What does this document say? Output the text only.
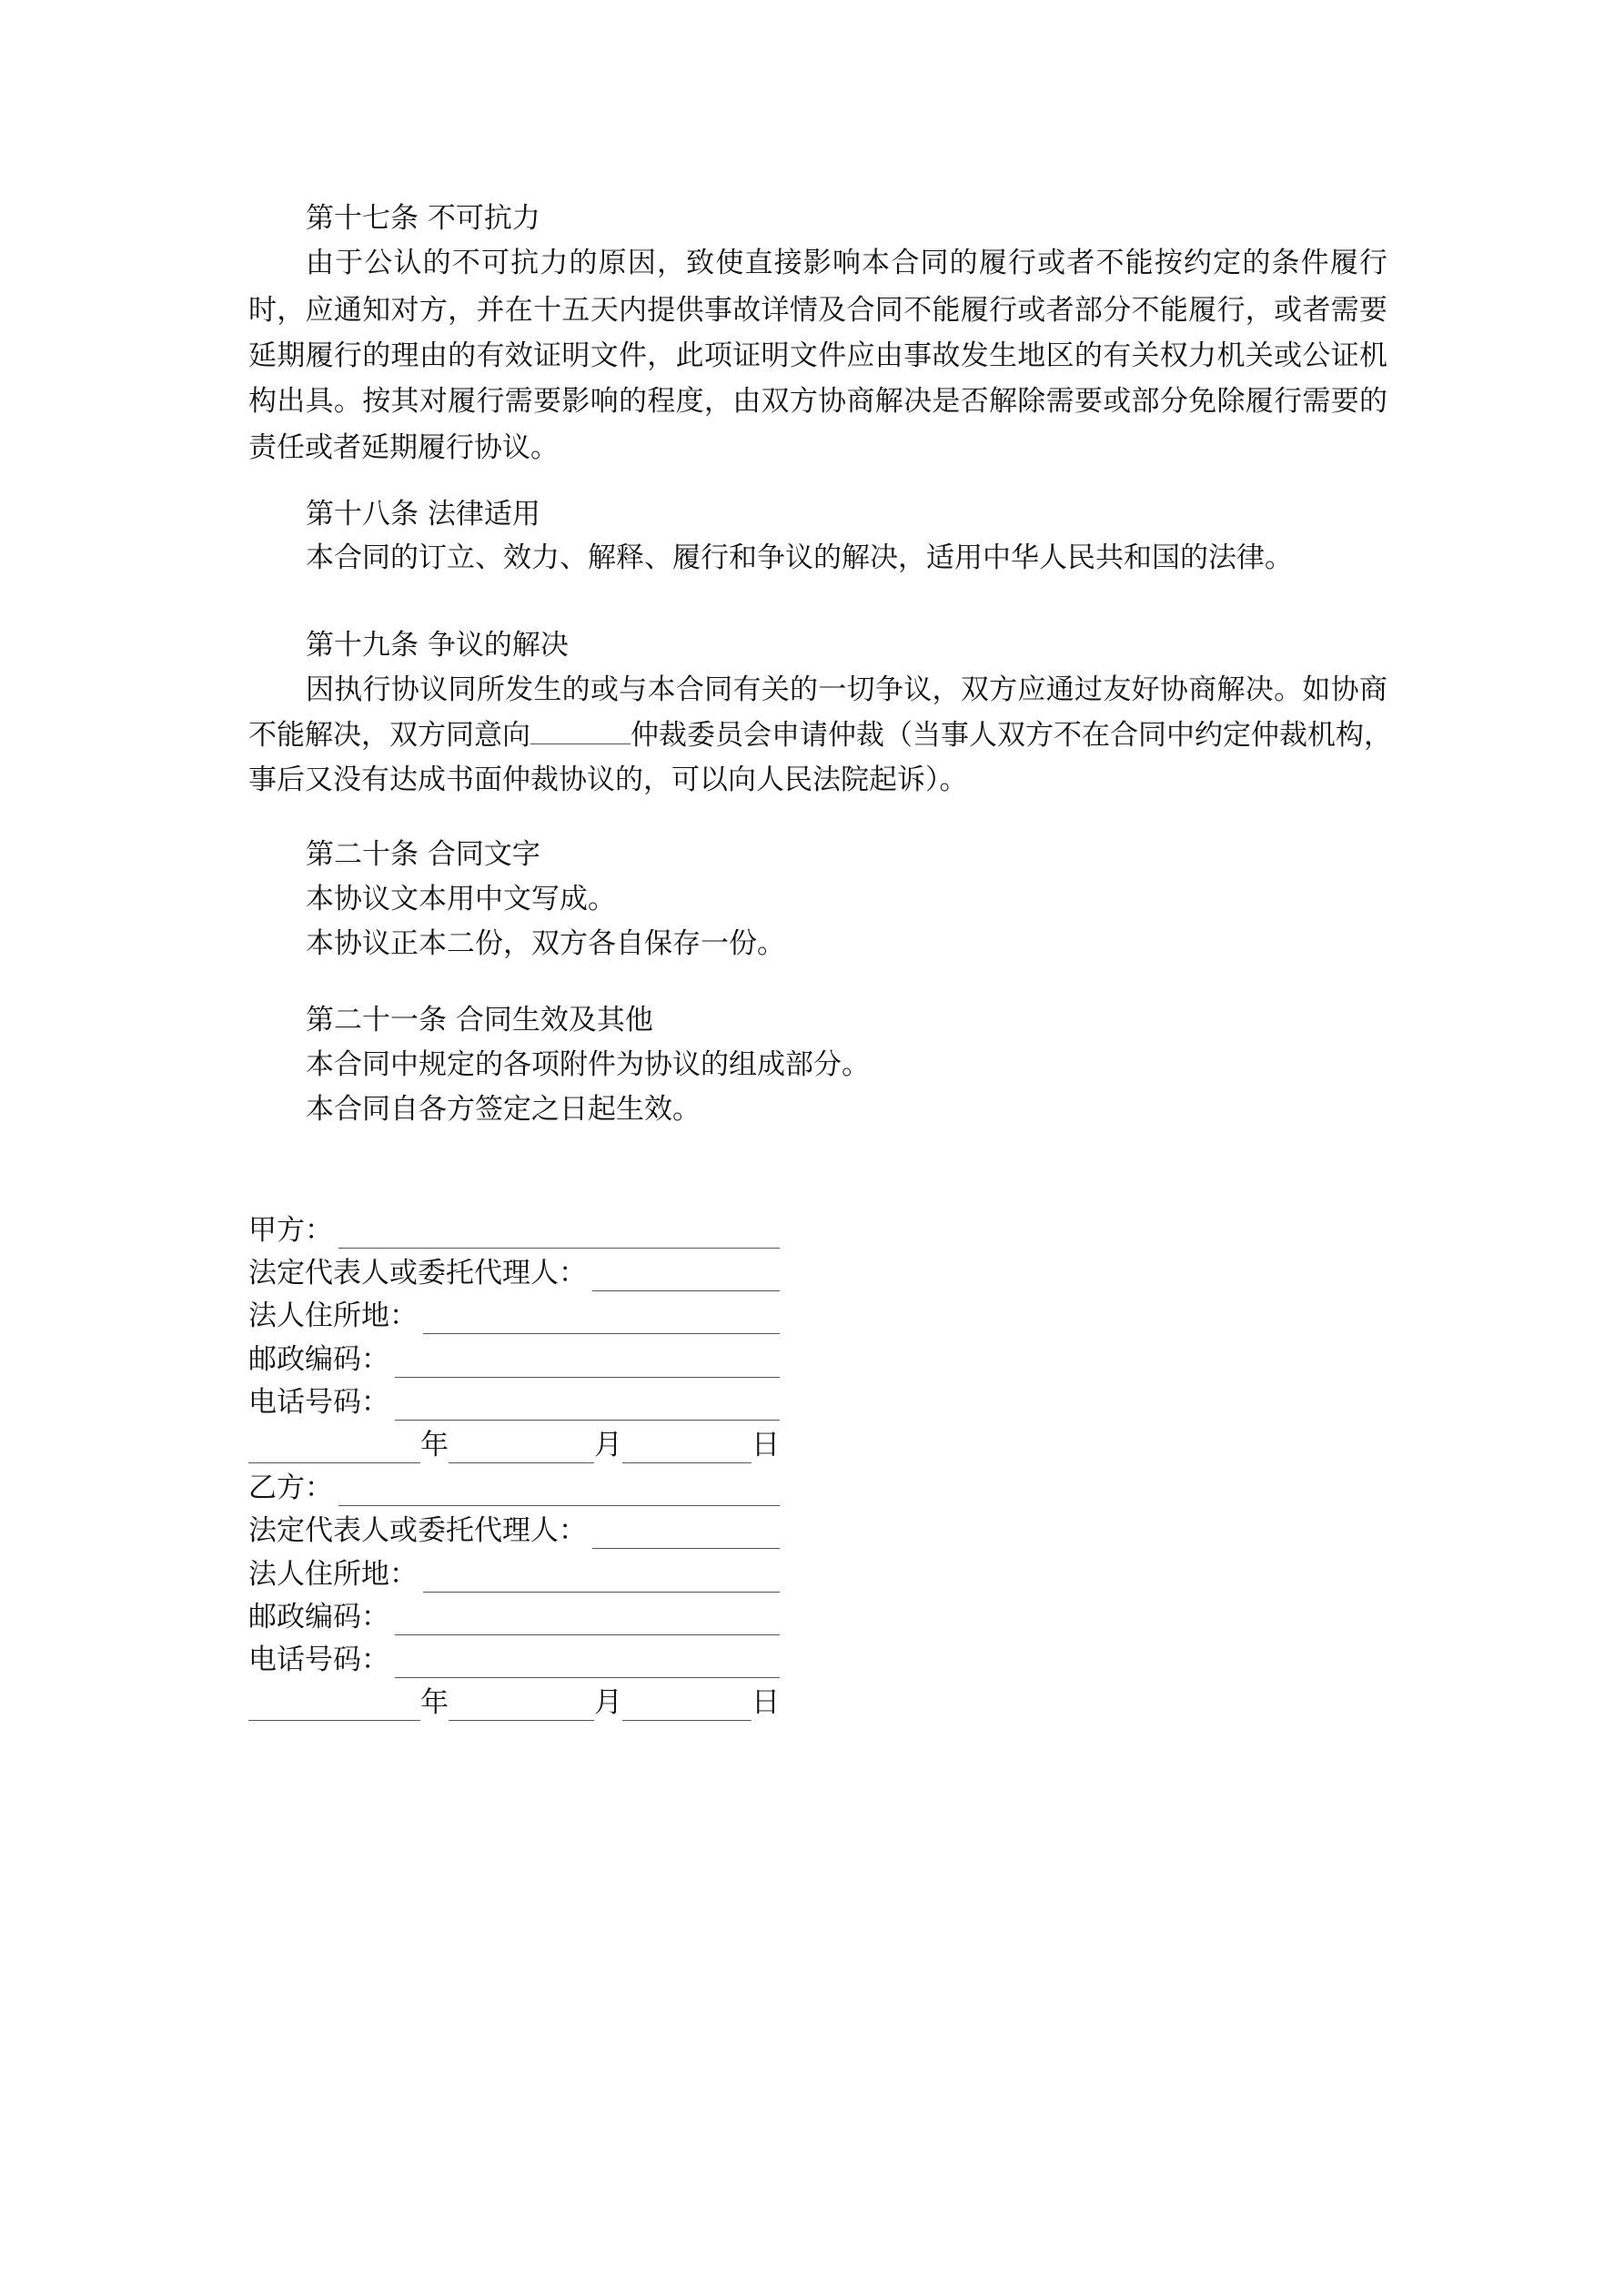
第十七条 不可抗力
由于公认的不可抗力的原因，致使直接影响本合同的履行或者不能按约定的条件履行
时，应通知对方，并在十五天内提供事故详情及合同不能履行或者部分不能履行，或者需要
延期履行的理由的有效证明文件，此项证明文件应由事故发生地区的有关权力机关或公证机
构出具。按其对履行需要影响的程度，由双方协商解决是否解除需要或部分免除履行需要的
责任或者延期履行协议。
第十八条 法律适用
本合同的订立、效力、解释、履行和争议的解决，适用中华人民共和国的法律。
第十九条 争议的解决
因执行协议同所发生的或与本合同有关的一切争议，双方应通过友好协商解决。如协商
不能解决，双方同意向	仲裁委员会申请仲裁（当事人双方不在合同中约定仲裁机构，
事后又没有达成书面仲裁协议的，可以向人民法院起诉）。
第二十条 合同文字
本协议文本用中文写成。
本协议正本二份，双方各自保存一份。
第二十一条 合同生效及其他
本合同中规定的各项附件为协议的组成部分。
本合同自各方签定之日起生效。
甲方：
法定代表人或委托代理人：
法人住所地：
邮政编码：
电话号码：
年	月	日
乙方：
法定代表人或委托代理人：
法人住所地：
邮政编码：
电话号码：
年	月	日
